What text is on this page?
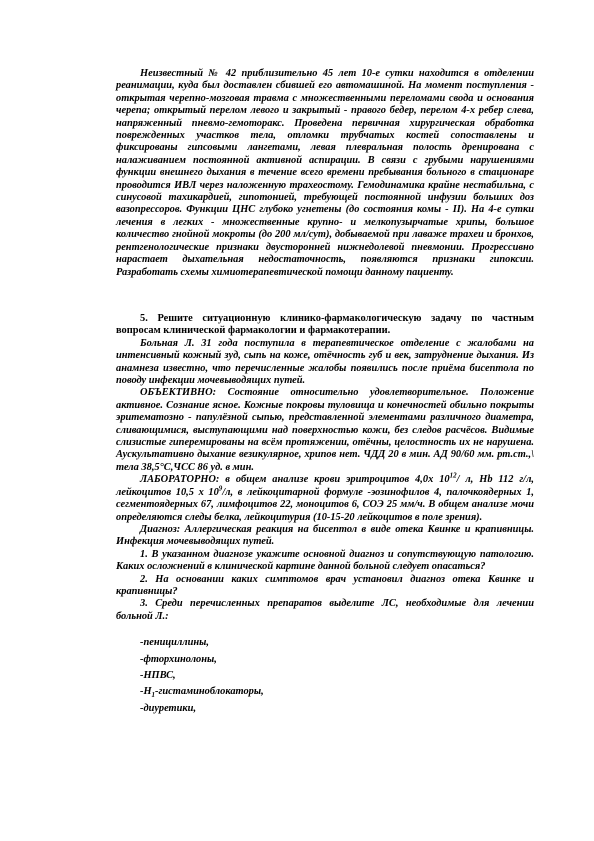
Неизвестный № 42 приблизительно 45 лет 10-е сутки находится в отделении реанимации, куда был доставлен сбившей его автомашиной. На момент поступления - открытая черепно-мозговая травма с множественными переломами свода и основания черепа; открытый перелом левого и закрытый - правого бедер, перелом 4-х ребер слева, напряженный пневмо-гемоторакс. Проведена первичная хирургическая обработка поврежденных участков тела, отломки трубчатых костей сопоставлены и фиксированы гипсовыми лангетами, левая плевральная полость дренирована с налаживанием постоянной активной аспирации. В связи с грубыми нарушениями функции внешнего дыхания в течение всего времени пребывания больного в стационаре проводится ИВЛ через наложенную трахеостому. Гемодинамика крайне нестабильна, с синусовой тахикардией, гипотонией, требующей постоянной инфузии больших доз вазопрессоров. Функции ЦНС глубоко угнетены (до состояния комы - II). На 4-е сутки лечения в легких - множественные крупно- и мелкопузырчатые хрипы, большое количество гнойной мокроты (до 200 мл/сут), добываемой при лаваже трахеи и бронхов, рентгенологические признаки двусторонней нижнедолевой пневмонии. Прогрессивно нарастает дыхательная недостаточность, появляются признаки гипоксии. Разработать схемы химиотерапевтической помощи данному пациенту.

5. Решите ситуационную клинико-фармакологическую задачу по частным вопросам клинической фармакологии и фармакотерапии.

Больная Л. 31 года поступила в терапевтическое отделение с жалобами на интенсивный кожный зуд, сыпь на коже, отёчность губ и век, затруднение дыхания. Из анамнеза известно, что перечисленные жалобы появились после приёма бисептола по поводу инфекции мочевыводящих путей.

ОБЪЕКТИВНО: Состояние относительно удовлетворительное. Положение активное. Сознание ясное. Кожные покровы туловища и конечностей обильно покрыты эритематозно - папулёзной сыпью, представленной элементами различного диаметра, сливающимися, выступающими над поверхностью кожи, без следов расчёсов. Видимые слизистые гиперемированы на всём протяжении, отёчны, целостность их не нарушена. Аускультативно дыхание везикулярное, хрипов нет. ЧДД 20 в мин. АД 90/60 мм. рт.ст.,\ тела 38,5°С,ЧСС 86 уд. в мин.

ЛАБОРАТОРНО: в общем анализе крови эритроцитов 4,0х $10^{12}/$ л, Hb 112 г/л, лейкоцитов 10,5 х $10^9/л$, в лейкоцитарной формуле -эозинофилов 4, палочкоядерных 1, сегментоядерных 67, лимфоцитов 22, моноцитов 6, СОЭ 25 мм/ч. В общем анализе мочи определяются следы белка, лейкоцитурия (10-15-20 лейкоцитов в поле зрения).

Диагноз: Аллергическая реакция на бисептол в виде отека Квинке и крапивницы. Инфекция мочевыводящих путей.

1. В указанном диагнозе укажите основной диагноз и сопутствующую патологию. Каких осложнений в клинической картине данной больной следует опасаться?

2. На основании каких симптомов врач установил диагноз отека Квинке и крапивницы?

3. Среди перечисленных препаратов выделите ЛС, необходимые для лечении больной Л.:

-пенициллины,

-фторхинолоны,

-НПВС,

$-Н_1$-гистаминоблокаторы,

-диуретики,
